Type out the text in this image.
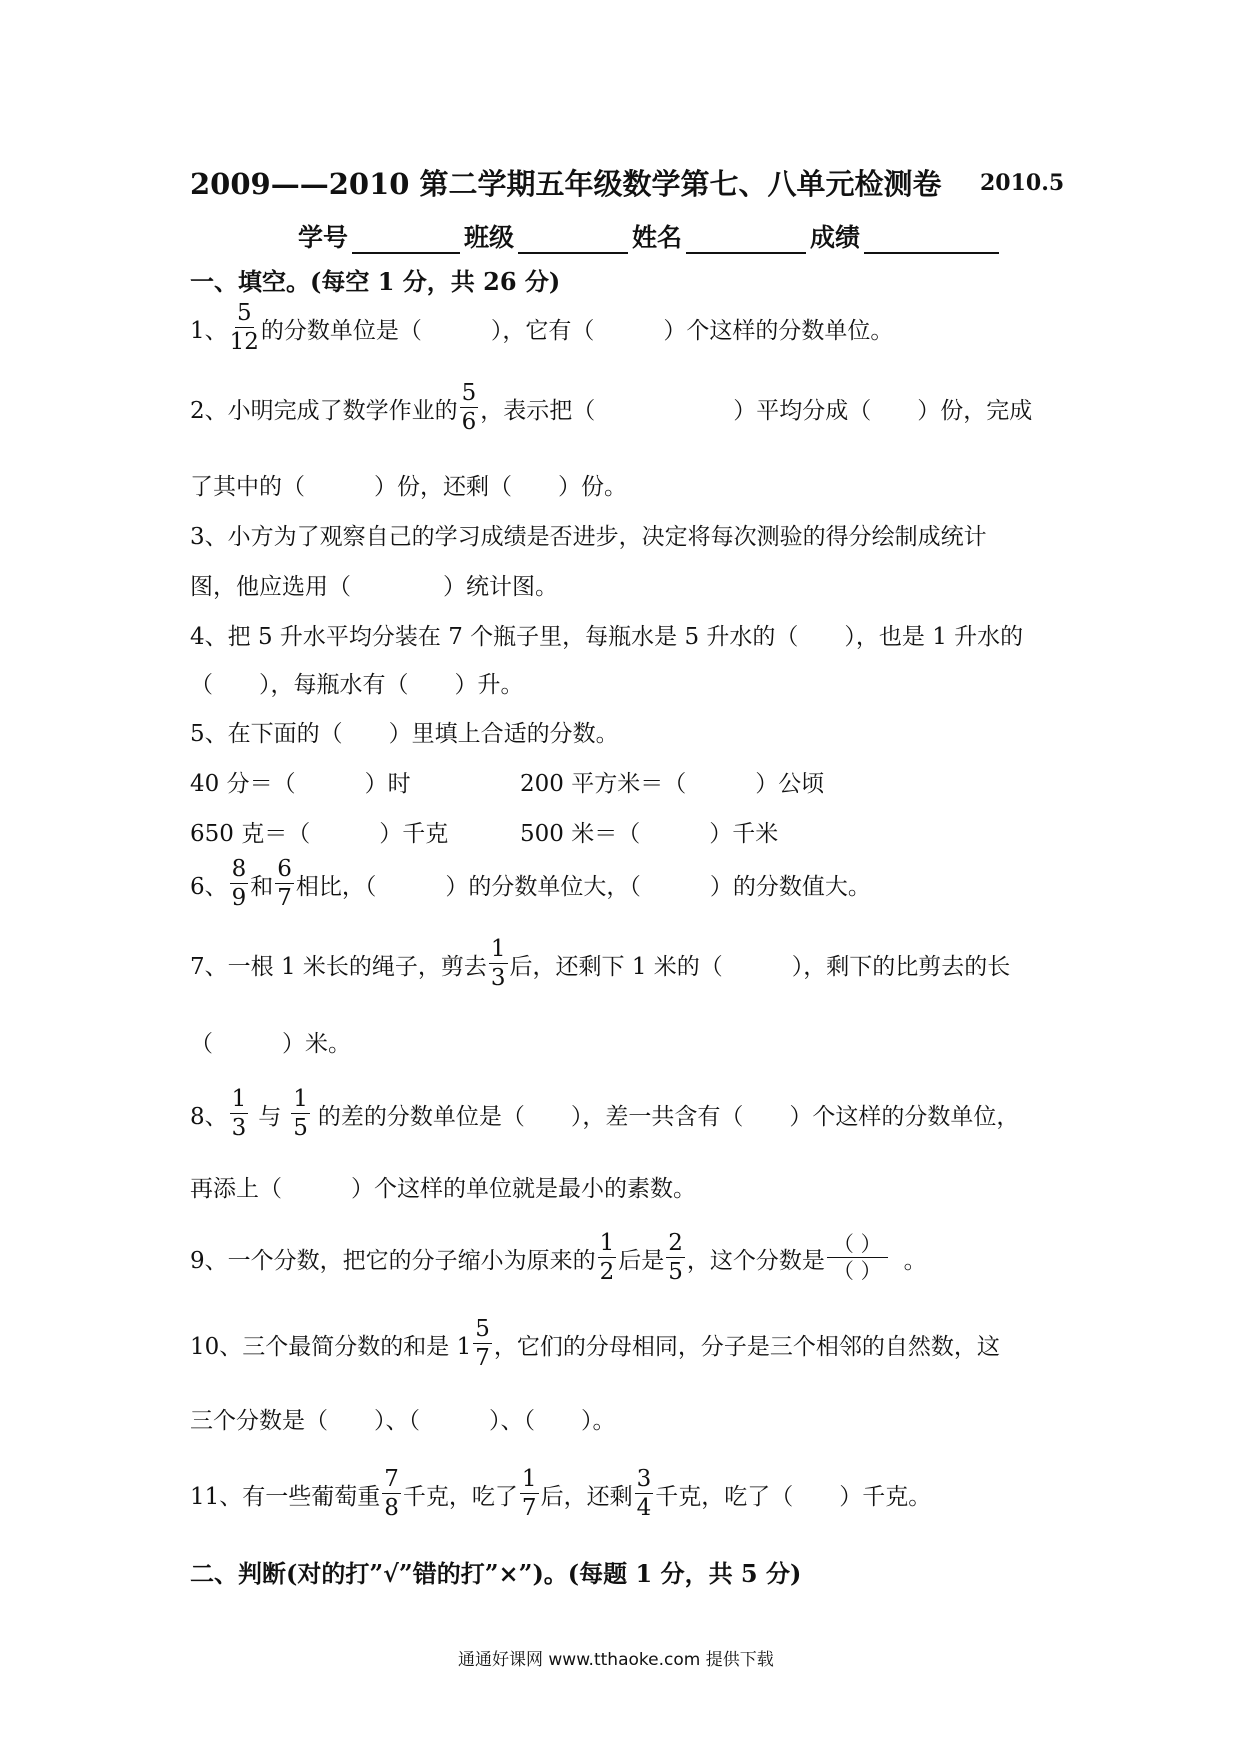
2009——2010 第二学期五年级数学第七、八单元检测卷 2010.5
学号	班级	姓名	成绩
一、填空。(每空 1 分，共 26 分)
1、 $\frac{5}{12}$ 的分数单位是（　　　），它有（　　　）个这样的分数单位。
2、小明完成了数学作业的 $\frac{5}{6}$ ，表示把（　　　　　　）平均分成（　　）份，完成
了其中的（　　　）份，还剩（　　）份。
3、小方为了观察自己的学习成绩是否进步，决定将每次测验的得分绘制成统计
图，他应选用（　　　　）统计图。
4、把 5 升水平均分装在 7 个瓶子里，每瓶水是 5 升水的（　　），也是 1 升水的
（　　），每瓶水有（　　）升。
5、在下面的（　　）里填上合适的分数。
40 分＝（　　　）时	200 平方米＝（　　　）公顷
650 克＝（　　　）千克	500 米＝（　　　）千米
6、 $\frac{8}{9}$ 和 $\frac{6}{7}$ 相比，（　　　）的分数单位大，（　　　）的分数值大。
7、一根 1 米长的绳子，剪去 $\frac{1}{3}$ 后，还剩下 1 米的（　　　），剩下的比剪去的长
（　　　）米。
8、 $\frac{1}{3}$ 与 $\frac{1}{5}$ 的差的分数单位是（　　），差一共含有（　　）个这样的分数单位，
再添上（　　　）个这样的单位就是最小的素数。
9、一个分数，把它的分子缩小为原来的 $\frac{1}{2}$ 后是 $\frac{2}{5}$ ，这个分数是 $\frac{( )}{( )}$ 。
10、三个最简分数的和是 $1 \frac{5}{7}$ ，它们的分母相同，分子是三个相邻的自然数，这
三个分数是（　　）、（　　　）、（　　）。
11、有一些葡萄重 $\frac{7}{8}$ 千克，吃了 $\frac{1}{7}$ 后，还剩 $\frac{3}{4}$ 千克，吃了（　　）千克。
二、判断(对的打”√”错的打”×”)。(每题 1 分，共 5 分)
通通好课网 www.tthaoke.com 提供下载
